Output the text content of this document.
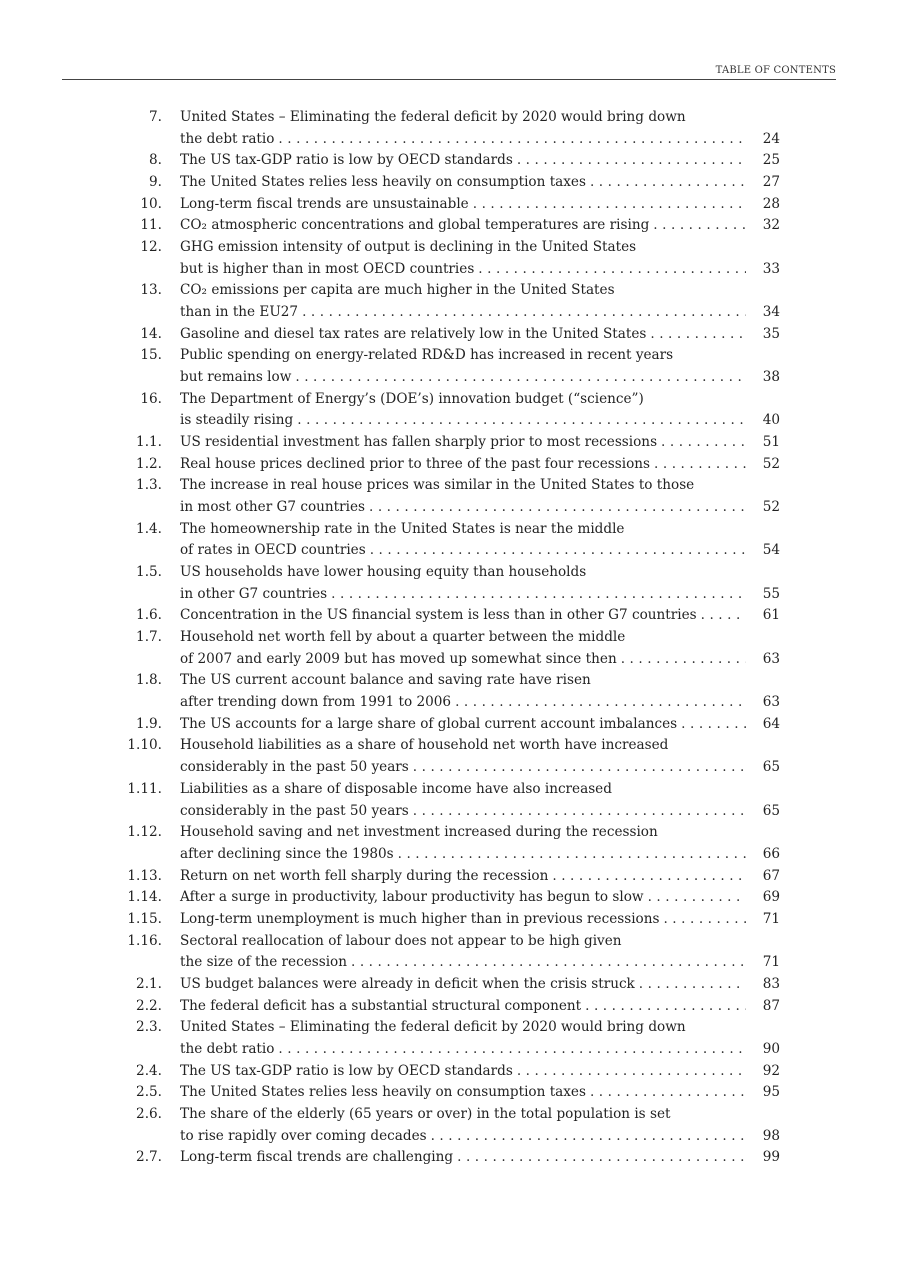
TABLE OF CONTENTS
7. United States – Eliminating the federal deficit by 2020 would bring down
the debt ratio . . .	24
8. The US tax-GDP ratio is low by OECD standards . . .	25
9. The United States relies less heavily on consumption taxes . . .	27
10. Long-term fiscal trends are unsustainable . . .	28
11. CO₂ atmospheric concentrations and global temperatures are rising . . .	32
12. GHG emission intensity of output is declining in the United States
but is higher than in most OECD countries . . .	33
13. CO₂ emissions per capita are much higher in the United States
than in the EU27 . . .	34
14. Gasoline and diesel tax rates are relatively low in the United States . . .	35
15. Public spending on energy-related RD&D has increased in recent years
but remains low . . .	38
16. The Department of Energy’s (DOE’s) innovation budget (“science”)
is steadily rising . . .	40
1.1. US residential investment has fallen sharply prior to most recessions . . .	51
1.2. Real house prices declined prior to three of the past four recessions . . .	52
1.3. The increase in real house prices was similar in the United States to those
in most other G7 countries . . .	52
1.4. The homeownership rate in the United States is near the middle
of rates in OECD countries . . .	54
1.5. US households have lower housing equity than households
in other G7 countries . . .	55
1.6. Concentration in the US financial system is less than in other G7 countries . . .	61
1.7. Household net worth fell by about a quarter between the middle
of 2007 and early 2009 but has moved up somewhat since then . . .	63
1.8. The US current account balance and saving rate have risen
after trending down from 1991 to 2006 . . .	63
1.9. The US accounts for a large share of global current account imbalances . . .	64
1.10. Household liabilities as a share of household net worth have increased
considerably in the past 50 years . . .	65
1.11. Liabilities as a share of disposable income have also increased
considerably in the past 50 years . . .	65
1.12. Household saving and net investment increased during the recession
after declining since the 1980s . . .	66
1.13. Return on net worth fell sharply during the recession . . .	67
1.14. After a surge in productivity, labour productivity has begun to slow . . .	69
1.15. Long-term unemployment is much higher than in previous recessions . . .	71
1.16. Sectoral reallocation of labour does not appear to be high given
the size of the recession . . .	71
2.1. US budget balances were already in deficit when the crisis struck . . .	83
2.2. The federal deficit has a substantial structural component . . .	87
2.3. United States – Eliminating the federal deficit by 2020 would bring down
the debt ratio . . .	90
2.4. The US tax-GDP ratio is low by OECD standards . . .	92
2.5. The United States relies less heavily on consumption taxes . . .	95
2.6. The share of the elderly (65 years or over) in the total population is set
to rise rapidly over coming decades . . .	98
2.7. Long-term fiscal trends are challenging . . .	99
